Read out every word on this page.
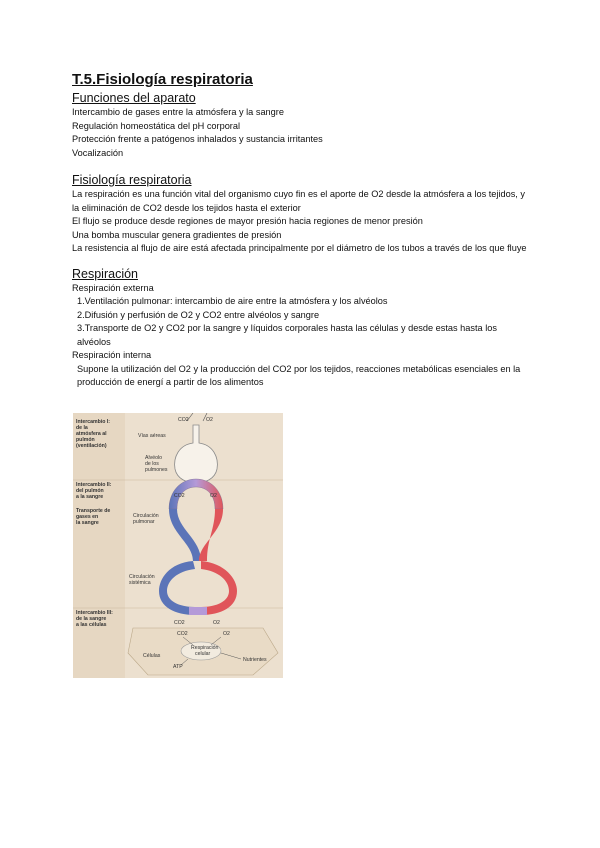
T.5.Fisiología respiratoria
Funciones del aparato
Intercambio de gases entre la atmósfera y la sangre
Regulación homeostática del pH corporal
Protección frente a patógenos inhalados y sustancia irritantes
Vocalización
Fisiología respiratoria
La respiración es una función vital del organismo cuyo fin es el aporte de O2 desde la atmósfera a los tejidos, y la eliminación de CO2 desde los tejidos hasta el exterior
El flujo se produce desde regiones de mayor presión hacia regiones de menor presión
Una bomba muscular genera gradientes de presión
La resistencia al flujo de aire está afectada principalmente por el diámetro de los tubos a través de los que fluye
Respiración
Respiración externa
1.Ventilación pulmonar: intercambio de aire entre la atmósfera y los alvéolos
2.Difusión y perfusión de O2 y CO2 entre alvéolos y sangre
3.Transporte de O2 y CO2 por la sangre y líquidos corporales hasta las células y desde estas hasta los alvéolos
Respiración interna
Supone la utilización del O2 y la producción del CO2 por los tejidos, reacciones metabólicas esenciales en la producción de energí a partir de los alimentos
Intercambio I: de la atmósfera al pulmón (ventilación)
Intercambio II: del pulmón a la sangre
Transporte de gases en la sangre
Intercambio III: de la sangre a las células
CO2	O2
Vías aéreas
Alvéolo de los pulmones
Circulación pulmonar
Circulación sistémica
CO2	O2
CO2	O2
Respiración celular
Células
Nutrientes
ATP
CO2	O2
